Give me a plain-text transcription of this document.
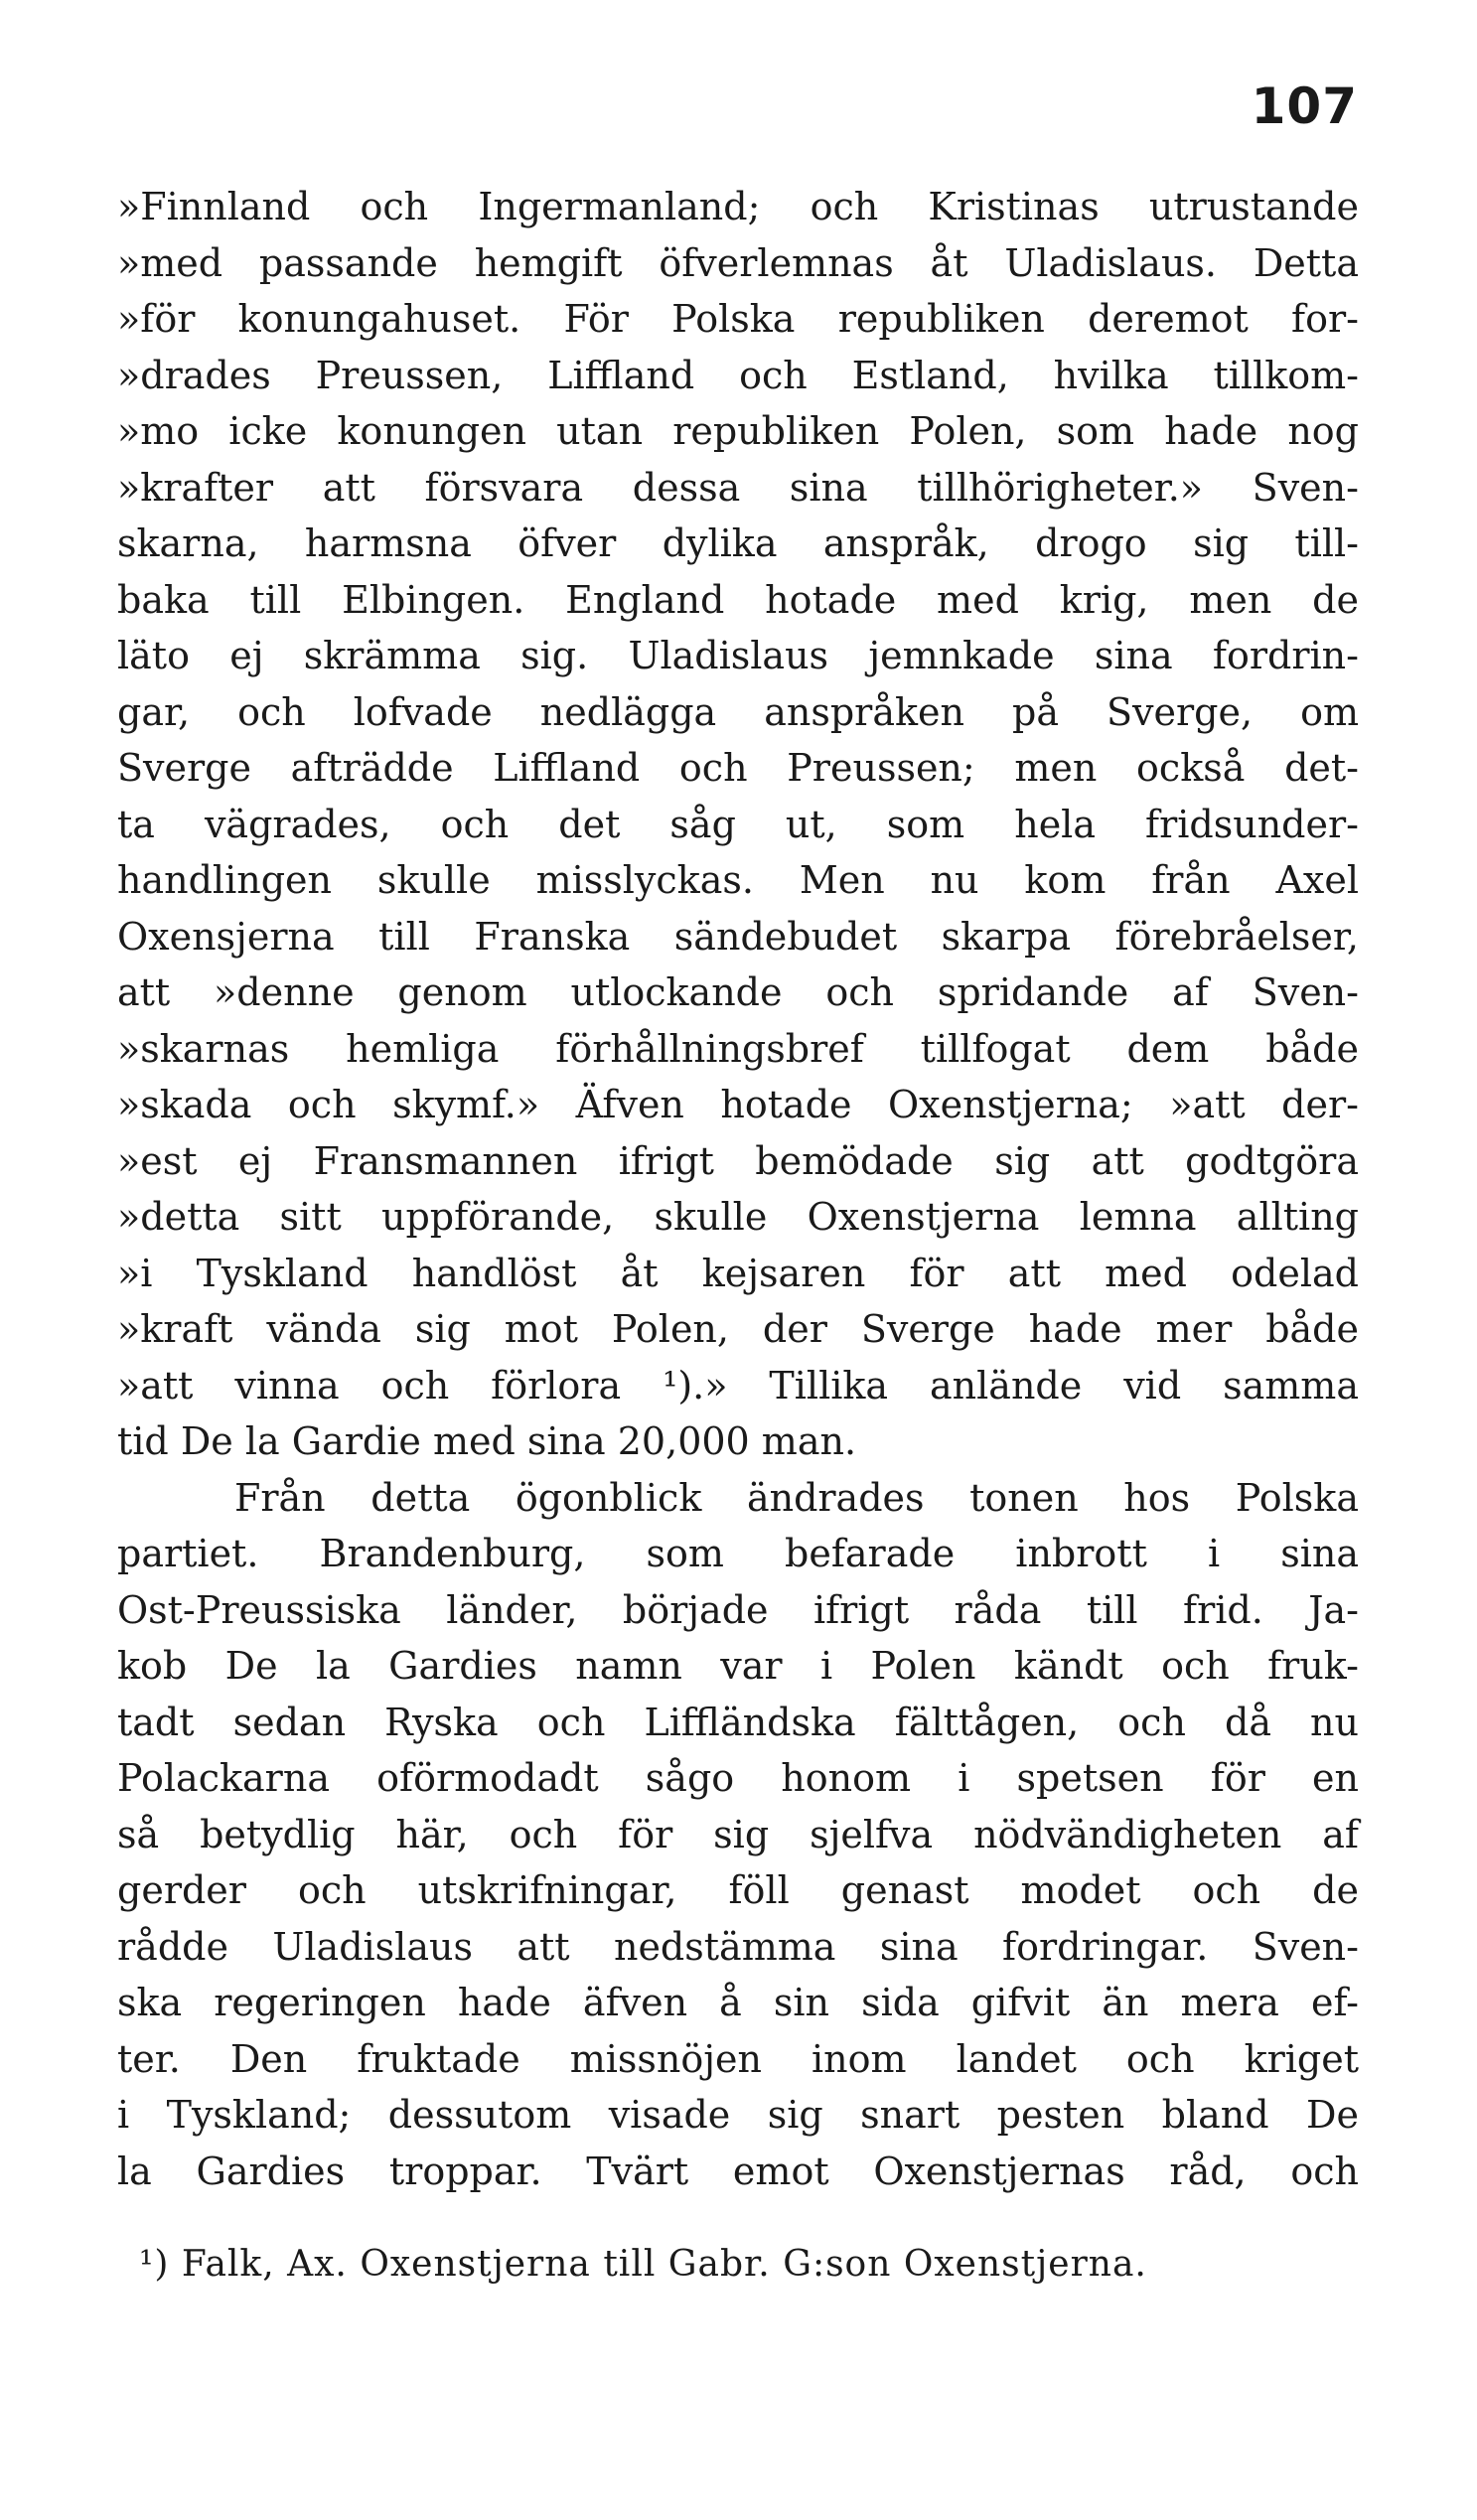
107
»Finnland och Ingermanland; och Kristinas utrustande
»med passande hemgift öfverlemnas åt Uladislaus. Detta
»för konungahuset. För Polska republiken deremot for-
»drades Preussen, Liffland och Estland, hvilka tillkom-
»mo icke konungen utan republiken Polen, som hade nog
»krafter att försvara dessa sina tillhörigheter.» Sven-
skarna, harmsna öfver dylika anspråk, drogo sig till-
baka till Elbingen. England hotade med krig, men de
läto ej skrämma sig. Uladislaus jemnkade sina fordrin-
gar, och lofvade nedlägga anspråken på Sverge, om
Sverge afträdde Liffland och Preussen; men också det-
ta vägrades, och det såg ut, som hela fridsunder-
handlingen skulle misslyckas. Men nu kom från Axel
Oxensjerna till Franska sändebudet skarpa förebråelser,
att »denne genom utlockande och spridande af Sven-
»skarnas hemliga förhållningsbref tillfogat dem både
»skada och skymf.» Äfven hotade Oxenstjerna; »att der-
»est ej Fransmannen ifrigt bemödade sig att godtgöra
»detta sitt uppförande, skulle Oxenstjerna lemna allting
»i Tyskland handlöst åt kejsaren för att med odelad
»kraft vända sig mot Polen, der Sverge hade mer både
»att vinna och förlora ¹).» Tillika anlände vid samma
tid De la Gardie med sina 20,000 man.
Från detta ögonblick ändrades tonen hos Polska
partiet. Brandenburg, som befarade inbrott i sina
Ost-Preussiska länder, började ifrigt råda till frid. Ja-
kob De la Gardies namn var i Polen kändt och fruk-
tadt sedan Ryska och Liffländska fälttågen, och då nu
Polackarna oförmodadt sågo honom i spetsen för en
så betydlig här, och för sig sjelfva nödvändigheten af
gerder och utskrifningar, föll genast modet och de
rådde Uladislaus att nedstämma sina fordringar. Sven-
ska regeringen hade äfven å sin sida gifvit än mera ef-
ter. Den fruktade missnöjen inom landet och kriget
i Tyskland; dessutom visade sig snart pesten bland De
la Gardies troppar. Tvärt emot Oxenstjernas råd, och
¹) Falk, Ax. Oxenstjerna till Gabr. G:son Oxenstjerna.
